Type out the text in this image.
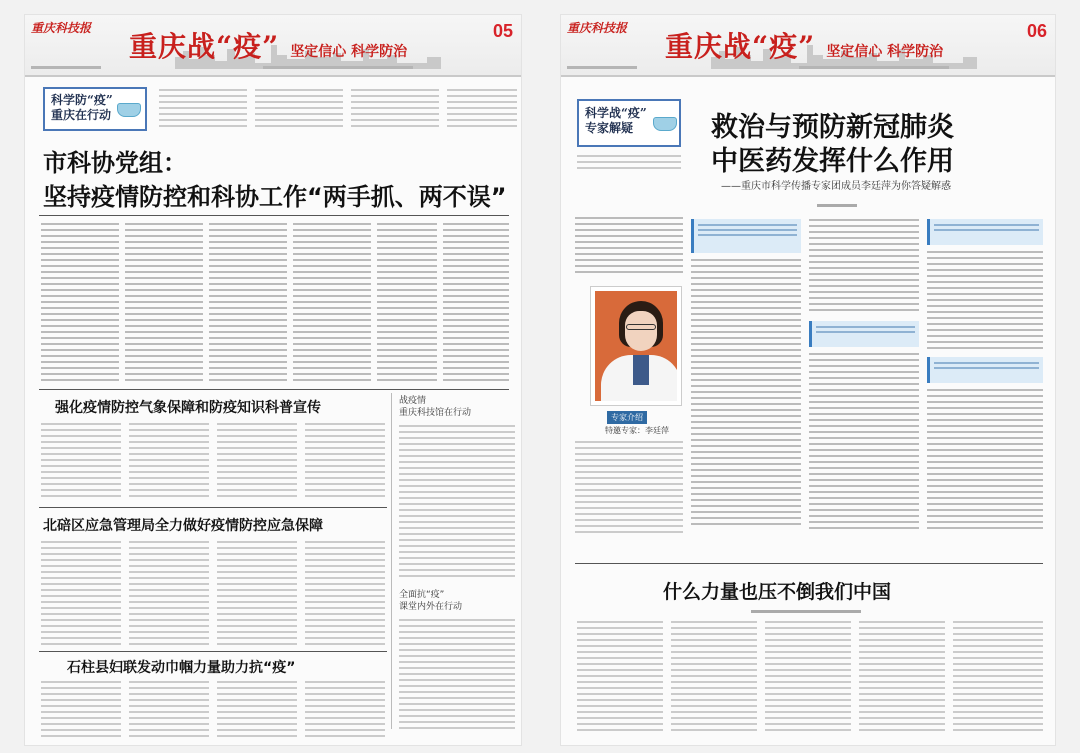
重庆科技报
重庆战“疫” 坚定信心 科学防治
05

科学防“疫”
重庆在行动
市科协党组：
坚持疫情防控和科协工作“两手抓、两不误”
强化疫情防控气象保障和防疫知识科普宣传	战疫情
重庆科技馆在行动
全面抗“疫”
课堂内外在行动
北碚区应急管理局全力做好疫情防控应急保障
石柱县妇联发动巾帼力量助力抗“疫”
重庆科技报
重庆战“疫” 坚定信心 科学防治
06

科学战“疫”
专家解疑	救治与预防新冠肺炎
中医药发挥什么作用
——重庆市科学传播专家团成员李廷萍为你答疑解惑
专家介绍
特邀专家：李廷萍
什么力量也压不倒我们中国
